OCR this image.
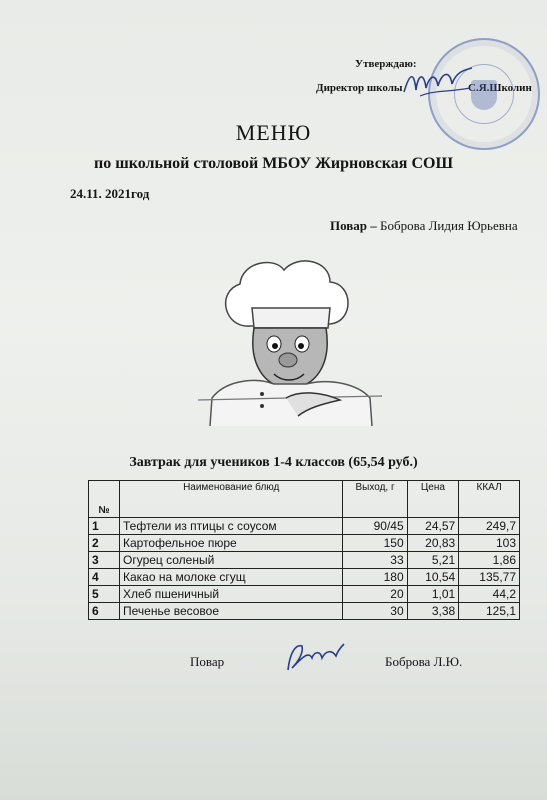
Утверждаю:
Директор школы	С.Я.Школин
МЕНЮ
по школьной столовой МБОУ Жирновская СОШ
24.11. 2021год
Повар – Боброва Лидия Юрьевна
Завтрак для учеников 1-4 классов (65,54 руб.)
№	Наименование блюд	Выход, г	Цена	ККАЛ
1	Тефтели из птицы с соусом	90/45	24,57	249,7
2	Картофельное пюре	150	20,83	103
3	Огурец соленый	33	5,21	1,86
4	Какао на молоке сгущ	180	10,54	135,77
5	Хлеб пшеничный	20	1,01	44,2
6	Печенье весовое	30	3,38	125,1
Повар	Боброва Л.Ю.
